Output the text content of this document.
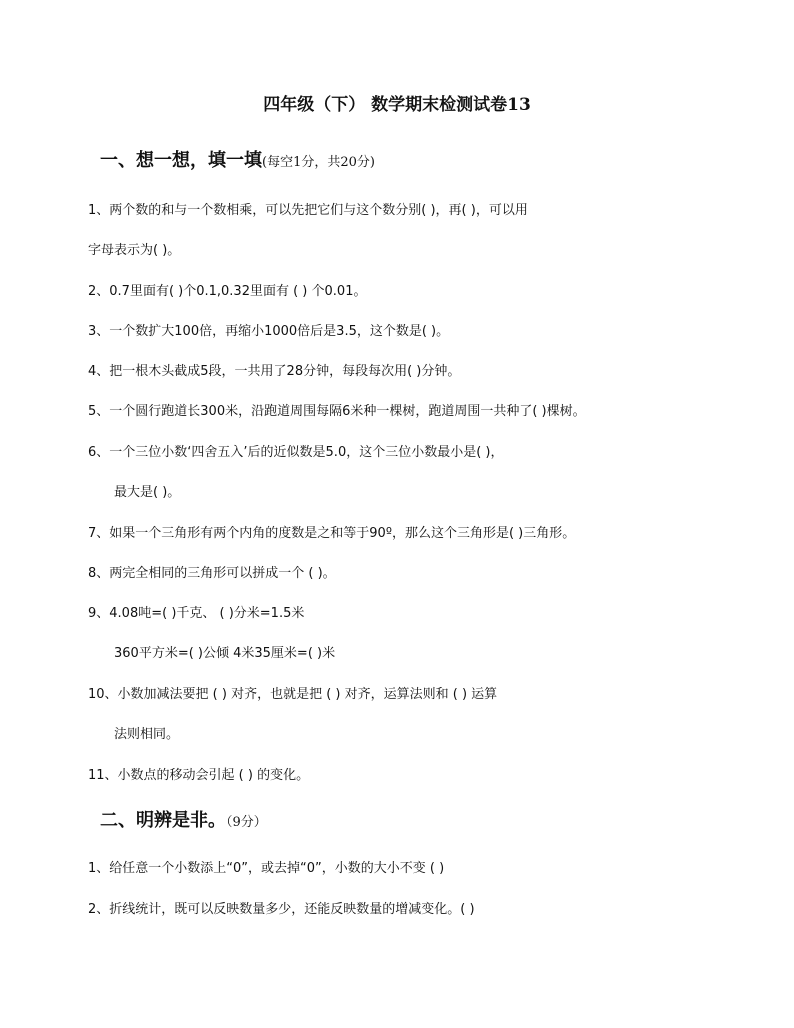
四年级（下） 数学期末检测试卷13
一、想一想，填一填(每空1分，共20分)
1、两个数的和与一个数相乘，可以先把它们与这个数分别( )，再( )，可以用
字母表示为( )。
2、0.7里面有( )个0.1,0.32里面有 ( ) 个0.01。
3、一个数扩大100倍，再缩小1000倍后是3.5，这个数是( )。
4、把一根木头截成5段，一共用了28分钟，每段每次用( )分钟。
5、一个圆行跑道长300米，沿跑道周围每隔6米种一棵树，跑道周围一共种了( )棵树。
6、一个三位小数‘四舍五入’后的近似数是5.0，这个三位小数最小是( )，
最大是( )。
7、如果一个三角形有两个内角的度数是之和等于90º，那么这个三角形是( )三角形。
8、两完全相同的三角形可以拼成一个 ( )。
9、4.08吨=( )千克、 ( )分米=1.5米
360平方米=( )公倾 4米35厘米=( )米
10、小数加减法要把 ( ) 对齐，也就是把 ( ) 对齐，运算法则和 ( ) 运算
法则相同。
11、小数点的移动会引起 ( ) 的变化。
二、明辨是非。（9分）
1、给任意一个小数添上“0”，或去掉“0”，小数的大小不变 ( )
2、折线统计，既可以反映数量多少，还能反映数量的增减变化。( )
